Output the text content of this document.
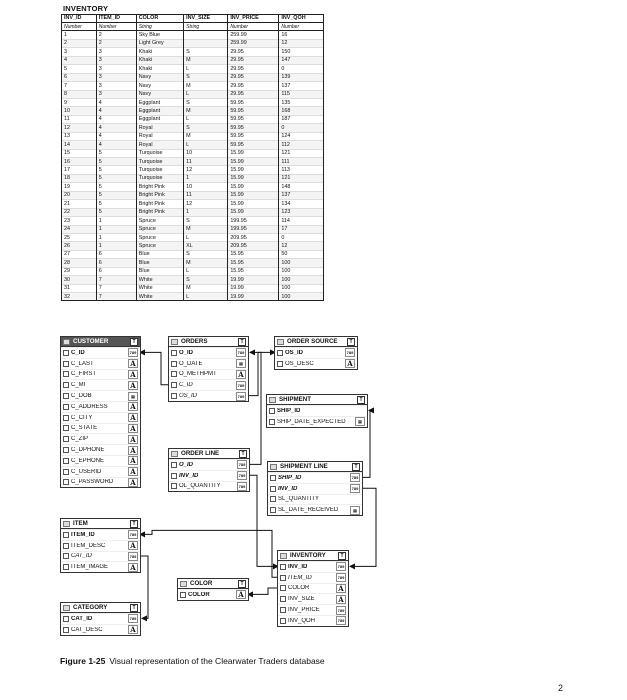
INVENTORY
INV_ID	ITEM_ID	COLOR	INV_SIZE	INV_PRICE	INV_QOH
Number	Number	String	String	Number	Number
1	2	Sky Blue		259.99	16
2	2	Light Grey		259.99	12
3	3	Khaki	S	29.95	150
4	3	Khaki	M	29.95	147
5	3	Khaki	L	29.95	0
6	3	Navy	S	29.95	139
7	3	Navy	M	29.95	137
8	3	Navy	L	29.95	115
9	4	Eggplant	S	59.95	135
10	4	Eggplant	M	59.95	168
11	4	Eggplant	L	59.95	187
12	4	Royal	S	59.95	0
13	4	Royal	M	59.95	124
14	4	Royal	L	59.95	112
15	5	Turquoise	10	15.99	121
16	5	Turquoise	11	15.99	111
17	5	Turquoise	12	15.99	113
18	5	Turquoise	1	15.99	121
19	5	Bright Pink	10	15.99	148
20	5	Bright Pink	11	15.99	137
21	5	Bright Pink	12	15.99	134
22	5	Bright Pink	1	15.99	123
23	1	Spruce	S	199.95	114
24	1	Spruce	M	199.95	17
25	1	Spruce	L	209.95	0
26	1	Spruce	XL	209.95	12
27	6	Blue	S	15.95	50
28	6	Blue	M	15.95	100
29	6	Blue	L	15.95	100
30	7	White	S	19.99	100
31	7	White	M	19.99	100
32	7	White	L	19.99	100
CUSTOMER	T
C_ID	789
C_LAST	A
C_FIRST	A
C_MI	A
C_DOB	▤
C_ADDRESS	A
C_CITY	A
C_STATE	A
C_ZIP	A
C_DPHONE	A
C_EPHONE	A
C_USERID	A
C_PASSWORD	A
ORDERS	T
O_ID	789
O_DATE	▤
O_METHPMT	A
C_ID	789
OS_ID	789
ORDER SOURCE	T
OS_ID	789
OS_DESC	A
SHIPMENT	T
SHIP_ID
SHIP_DATE_EXPECTED	▤
ORDER LINE	T
O_ID	789
INV_ID	789
OL_QUANTITY	789
SHIPMENT LINE	T
SHIP_ID	789
INV_ID	789
SL_QUANTITY
SL_DATE_RECEIVED	▤
ITEM	T
ITEM_ID	789
ITEM_DESC	A
CAT_ID	789
ITEM_IMAGE	A
INVENTORY	T
INV_ID	789
ITEM_ID	789
COLOR	A
INV_SIZE	A
INV_PRICE	789
INV_QOH	789
COLOR	T
COLOR	A
CATEGORY	T
CAT_ID	789
CAT_DESC	A
Figure 1-25 Visual representation of the Clearwater Traders database
2
